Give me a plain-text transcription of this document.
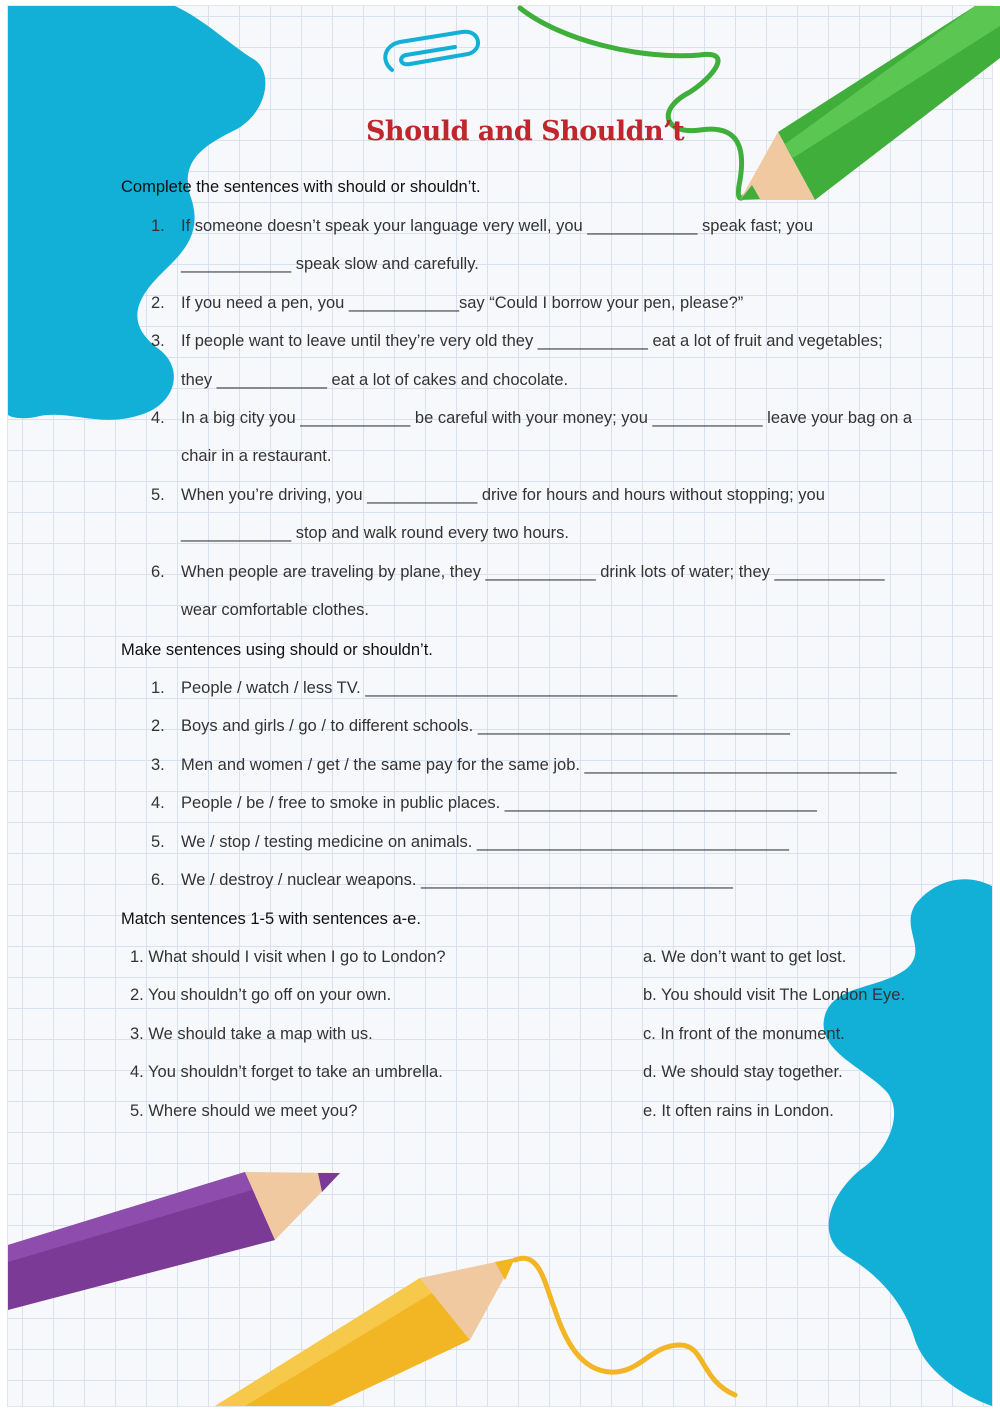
Should and Shouldn’t
Complete the sentences with should or shouldn’t.
1. If someone doesn’t speak your language very well, you ____________ speak fast; you
____________ speak slow and carefully.
2. If you need a pen, you ____________say “Could I borrow your pen, please?”
3. If people want to leave until they’re very old they ____________ eat a lot of fruit and vegetables;
they ____________ eat a lot of cakes and chocolate.
4. In a big city you ____________ be careful with your money; you ____________ leave your bag on a
chair in a restaurant.
5. When you’re driving, you ____________ drive for hours and hours without stopping; you
____________ stop and walk round every two hours.
6. When people are traveling by plane, they ____________ drink lots of water; they ____________
wear comfortable clothes.
Make sentences using should or shouldn’t.
1. People / watch / less TV. __________________________________
2. Boys and girls / go / to different schools. __________________________________
3. Men and women / get / the same pay for the same job. __________________________________
4. People / be / free to smoke in public places. __________________________________
5. We / stop / testing medicine on animals. __________________________________
6. We / destroy / nuclear weapons. __________________________________
Match sentences 1-5 with sentences a-e.
1. What should I visit when I go to London?
2. You shouldn’t go off on your own.
3. We should take a map with us.
4. You shouldn’t forget to take an umbrella.
5. Where should we meet you?
a. We don’t want to get lost.
b. You should visit The London Eye.
c. In front of the monument.
d. We should stay together.
e. It often rains in London.
